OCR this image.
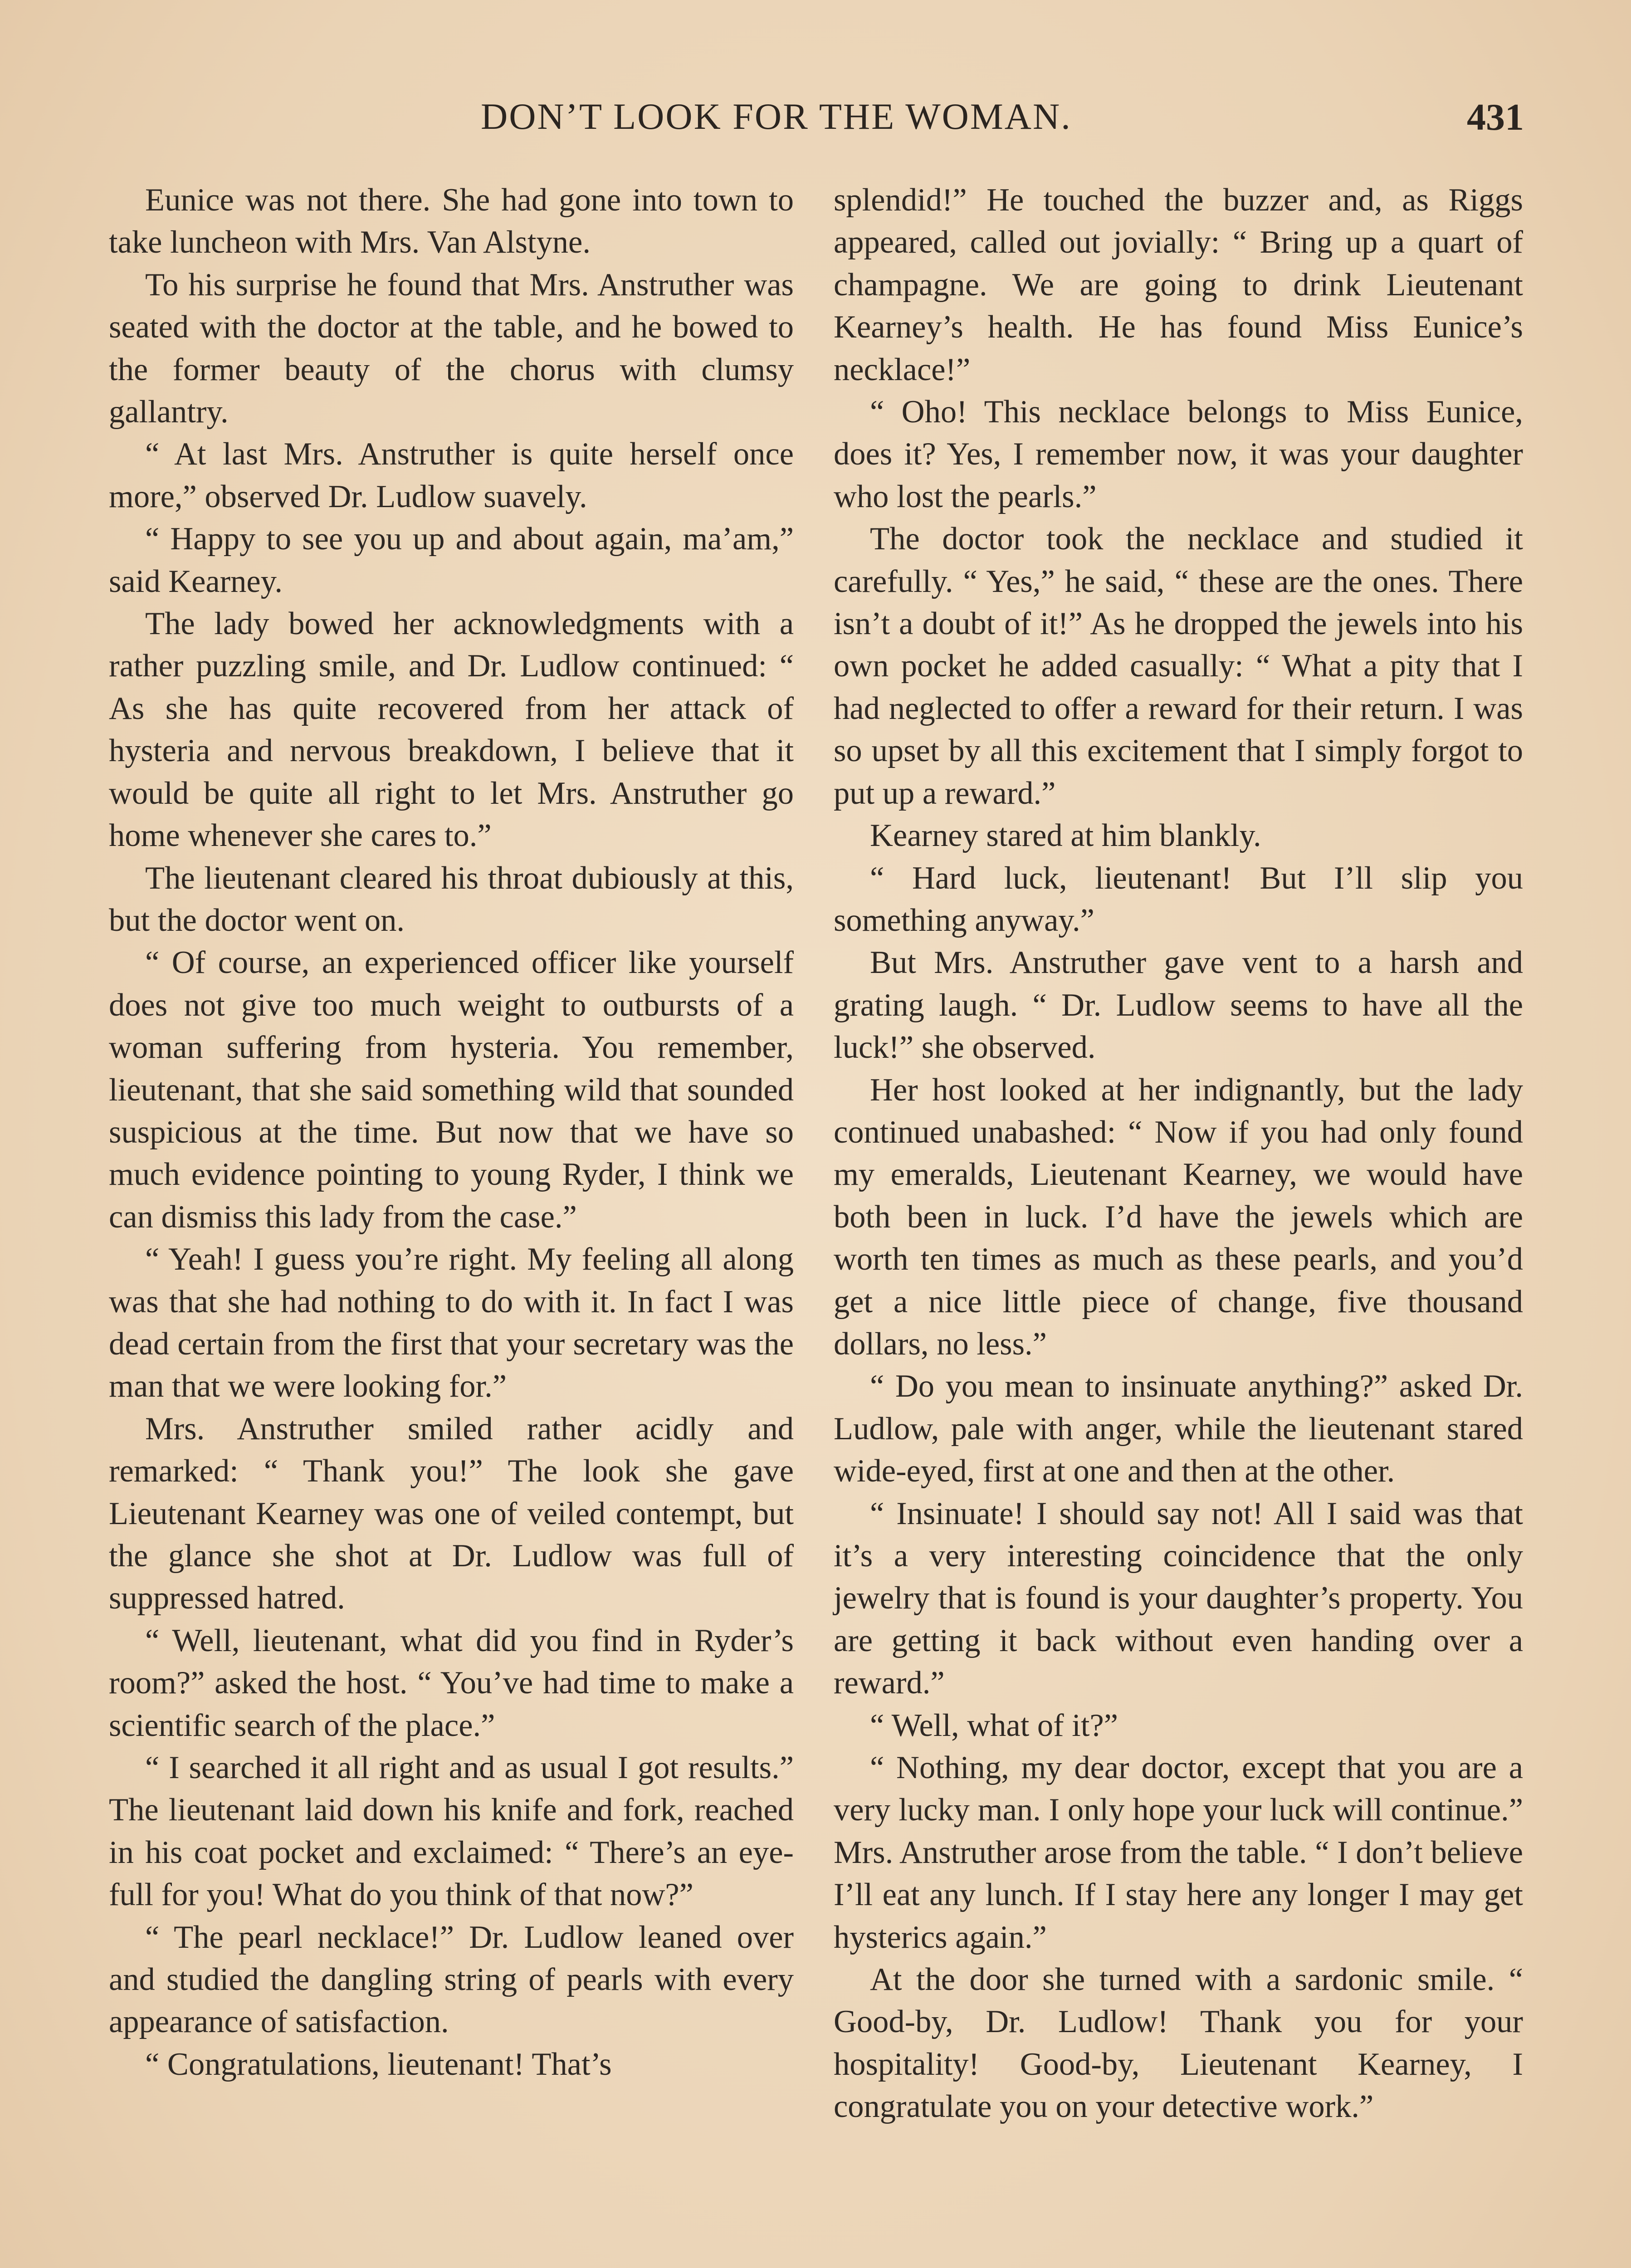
DON’T LOOK FOR THE WOMAN.	431

Eunice was not there. She had gone into town to take luncheon with Mrs. Van Alstyne.

To his surprise he found that Mrs. Anstruther was seated with the doctor at the table, and he bowed to the former beauty of the chorus with clumsy gallantry.

“ At last Mrs. Anstruther is quite herself once more,” observed Dr. Ludlow suavely.

“ Happy to see you up and about again, ma’am,” said Kearney.

The lady bowed her acknowledgments with a rather puzzling smile, and Dr. Ludlow continued: “ As she has quite recovered from her attack of hysteria and nervous breakdown, I believe that it would be quite all right to let Mrs. Anstruther go home whenever she cares to.”

The lieutenant cleared his throat dubiously at this, but the doctor went on.

“ Of course, an experienced officer like yourself does not give too much weight to outbursts of a woman suffering from hysteria. You remember, lieutenant, that she said something wild that sounded suspicious at the time. But now that we have so much evidence pointing to young Ryder, I think we can dismiss this lady from the case.”

“ Yeah! I guess you’re right. My feeling all along was that she had nothing to do with it. In fact I was dead certain from the first that your secretary was the man that we were looking for.”

Mrs. Anstruther smiled rather acidly and remarked: “ Thank you!” The look she gave Lieutenant Kearney was one of veiled contempt, but the glance she shot at Dr. Ludlow was full of suppressed hatred.

“ Well, lieutenant, what did you find in Ryder’s room?” asked the host. “ You’ve had time to make a scientific search of the place.”

“ I searched it all right and as usual I got results.” The lieutenant laid down his knife and fork, reached in his coat pocket and exclaimed: “ There’s an eye-full for you! What do you think of that now?”

“ The pearl necklace!” Dr. Ludlow leaned over and studied the dangling string of pearls with every appearance of satisfaction.

“ Congratulations, lieutenant! That’s

splendid!” He touched the buzzer and, as Riggs appeared, called out jovially: “ Bring up a quart of champagne. We are going to drink Lieutenant Kearney’s health. He has found Miss Eunice’s necklace!”

“ Oho! This necklace belongs to Miss Eunice, does it? Yes, I remember now, it was your daughter who lost the pearls.”

The doctor took the necklace and studied it carefully. “ Yes,” he said, “ these are the ones. There isn’t a doubt of it!” As he dropped the jewels into his own pocket he added casually: “ What a pity that I had neglected to offer a reward for their return. I was so upset by all this excitement that I simply forgot to put up a reward.”

Kearney stared at him blankly.

“ Hard luck, lieutenant! But I’ll slip you something anyway.”

But Mrs. Anstruther gave vent to a harsh and grating laugh. “ Dr. Ludlow seems to have all the luck!” she observed.

Her host looked at her indignantly, but the lady continued unabashed: “ Now if you had only found my emeralds, Lieutenant Kearney, we would have both been in luck. I’d have the jewels which are worth ten times as much as these pearls, and you’d get a nice little piece of change, five thousand dollars, no less.”

“ Do you mean to insinuate anything?” asked Dr. Ludlow, pale with anger, while the lieutenant stared wide-eyed, first at one and then at the other.

“ Insinuate! I should say not! All I said was that it’s a very interesting coincidence that the only jewelry that is found is your daughter’s property. You are getting it back without even handing over a reward.”

“ Well, what of it?”

“ Nothing, my dear doctor, except that you are a very lucky man. I only hope your luck will continue.” Mrs. Anstruther arose from the table. “ I don’t believe I’ll eat any lunch. If I stay here any longer I may get hysterics again.”

At the door she turned with a sardonic smile. “ Good-by, Dr. Ludlow! Thank you for your hospitality! Good-by, Lieutenant Kearney, I congratulate you on your detective work.”
